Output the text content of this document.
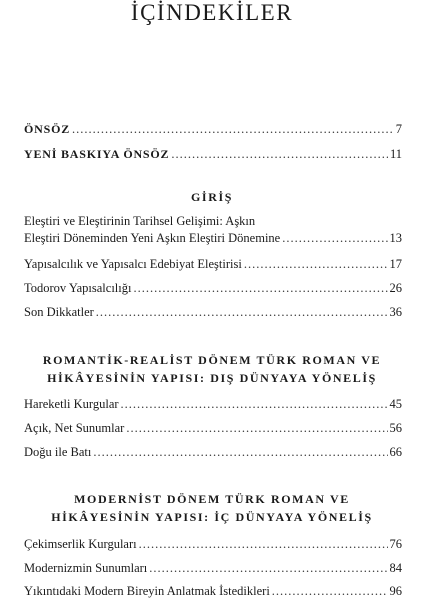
İÇİNDEKİLER
ÖNSÖZ .....	7
YENİ BASKIYA ÖNSÖZ .....	11
GİRİŞ
Eleştiri ve Eleştirinin Tarihsel Gelişimi: Aşkın
Eleştiri Döneminden Yeni Aşkın Eleştiri Dönemine .....	13
Yapısalcılık ve Yapısalcı Edebiyat Eleştirisi .....	17
Todorov Yapısalcılığı .....	26
Son Dikkatler .....	36
ROMANTİK-REALİST DÖNEM TÜRK ROMAN VE
HİKÂYESİNİN YAPISI: DIŞ DÜNYAYA YÖNELİŞ
Hareketli Kurgular .....	45
Açık, Net Sunumlar .....	56
Doğu ile Batı .....	66
MODERNİST DÖNEM TÜRK ROMAN VE
HİKÂYESİNİN YAPISI: İÇ DÜNYAYA YÖNELİŞ
Çekimserlik Kurguları .....	76
Modernizmin Sunumları .....	84
Yıkıntıdaki Modern Bireyin Anlatmak İstedikleri .....	96
